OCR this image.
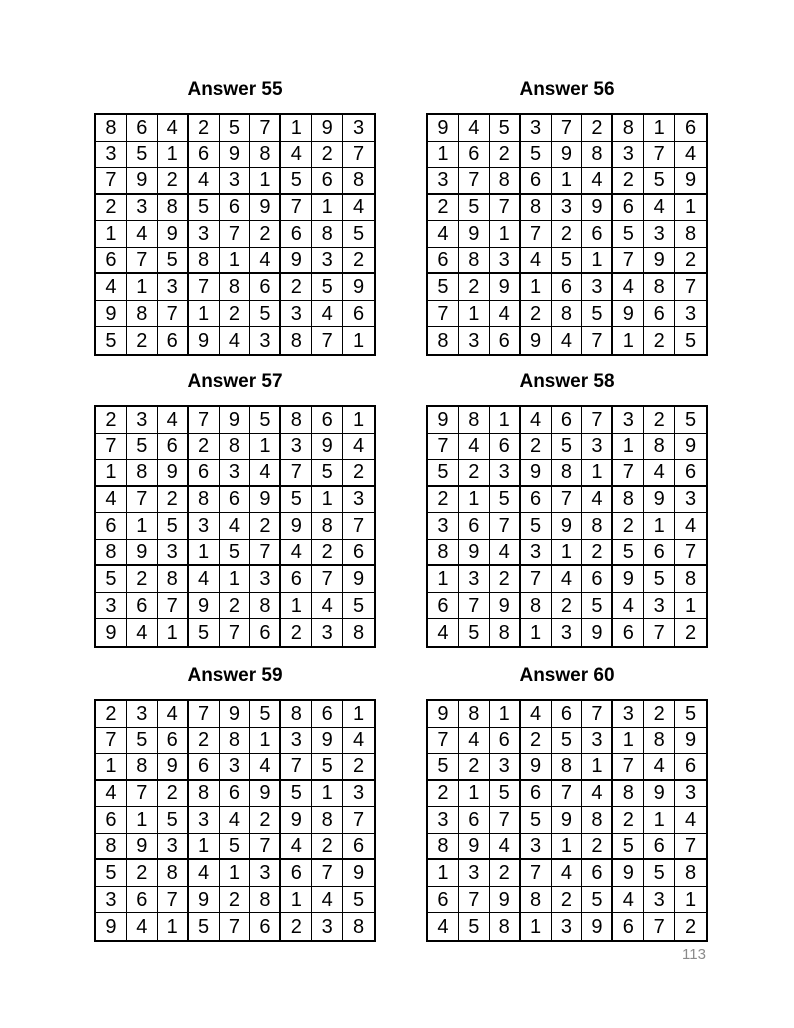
Answer 55
8 6 4	2 5 7	1 9	3
3 5 1	6 9 8	4 2	7
7 9 2	4 3 1	5 6	8
2 3 8	5 6 9	7 1	4
1 4 9	3 7 2	6 8	5
6 7 5	8 1 4	9 3	2
4 1 3	7 8 6	2 5	9
9 8 7	1 2 5	3 4	6
5 2 6	9 4 3	8 7	1
Answer 56
9 4 5	3 7 2	8 1	6
1 6 2	5 9 8	3 7	4
3 7 8	6 1 4	2 5	9
2 5 7	8 3 9	6 4	1
4 9 1	7 2 6	5 3	8
6 8 3	4 5 1	7 9	2
5 2 9	1 6 3	4 8	7
7 1 4	2 8 5	9 6	3
8 3 6	9 4 7	1 2	5
Answer 57
2 3 4	7 9 5	8 6	1
7 5 6	2 8 1	3 9	4
1 8 9	6 3 4	7 5	2
4 7 2	8 6 9	5 1	3
6 1 5	3 4 2	9 8	7
8 9 3	1 5 7	4 2	6
5 2 8	4 1 3	6 7	9
3 6 7	9 2 8	1 4	5
9 4 1	5 7 6	2 3	8
Answer 58
9 8 1	4 6 7	3 2	5
7 4 6	2 5 3	1 8	9
5 2 3	9 8 1	7 4	6
2 1 5	6 7 4	8 9	3
3 6 7	5 9 8	2 1	4
8 9 4	3 1 2	5 6	7
1 3 2	7 4 6	9 5	8
6 7 9	8 2 5	4 3	1
4 5 8	1 3 9	6 7	2
Answer 59
2 3 4	7 9 5	8 6	1
7 5 6	2 8 1	3 9	4
1 8 9	6 3 4	7 5	2
4 7 2	8 6 9	5 1	3
6 1 5	3 4 2	9 8	7
8 9 3	1 5 7	4 2	6
5 2 8	4 1 3	6 7	9
3 6 7	9 2 8	1 4	5
9 4 1	5 7 6	2 3	8
Answer 60
9 8 1	4 6 7	3 2	5
7 4 6	2 5 3	1 8	9
5 2 3	9 8 1	7 4	6
2 1 5	6 7 4	8 9	3
3 6 7	5 9 8	2 1	4
8 9 4	3 1 2	5 6	7
1 3 2	7 4 6	9 5	8
6 7 9	8 2 5	4 3	1
4 5 8	1 3 9	6 7	2
113
